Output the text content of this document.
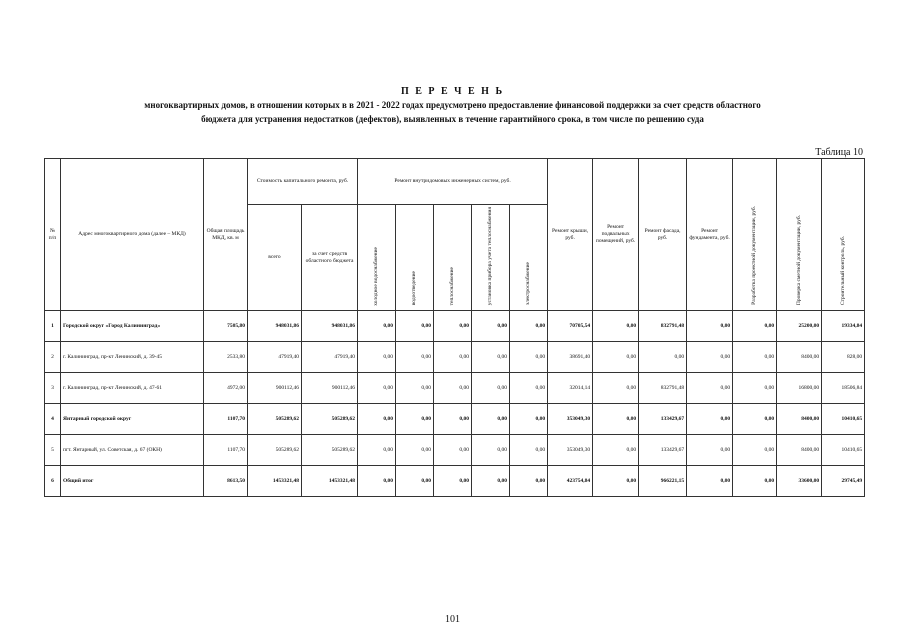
П Е Р Е Ч Е Н Ь
многоквартирных домов, в отношении которых в в 2021 - 2022 годах предусмотрено предоставление финансовой поддержки за счет средств областного
бюджета для устранения недостатков (дефектов), выявленных в течение гарантийного срока, в том числе по решению суда
Таблица 10
№ п/п	Адрес многоквартирного дома (далее – МКД)	Общая площадь МКД, кв. м	Стоимость капитального ремонта, руб.		Ремонт внутридомовых инженерных систем, руб.					Ремонт крыши, руб.	Ремонт подвальных помещений, руб.	Ремонт фасада, руб.	Ремонт фундамента, руб.	Разработка проектной документации, руб.	Проверка сметной документации, руб.	Строительный контроль, руб.
			всего	за счет средств областного бюджета	холодное водоснабжение	водоотведение	теплоснабжение	установка прибора учета теплоснабжения	электроснабжение							
1	Городской округ «Город Калининград»	7505,80	948031,86	948031,86	0,00	0,00	0,00	0,00	0,00	70705,54	0,00	832791,48	0,00	0,00	25200,00	19334,84
2	г. Калининград, пр-кт Ленинский, д. 39-45	2533,80	47919,40	47919,40	0,00	0,00	0,00	0,00	0,00	38691,40	0,00	0,00	0,00	0,00	8400,00	828,00
3	г. Калининград, пр-кт Ленинский, д. 47-61	4972,00	900112,46	900112,46	0,00	0,00	0,00	0,00	0,00	32014,14	0,00	832791,48	0,00	0,00	16800,00	18506,84
4	Янтарный городской округ	1107,70	505289,62	505289,62	0,00	0,00	0,00	0,00	0,00	353049,30	0,00	133429,67	0,00	0,00	8400,00	10410,65
5	пгт. Янтарный, ул. Советская, д. 67 (ОКН)	1107,70	505289,62	505289,62	0,00	0,00	0,00	0,00	0,00	353049,30	0,00	133429,67	0,00	0,00	8400,00	10410,65
6	Общий итог	8613,50	1453321,48	1453321,48	0,00	0,00	0,00	0,00	0,00	423754,84	0,00	966221,15	0,00	0,00	33600,00	29745,49
101
